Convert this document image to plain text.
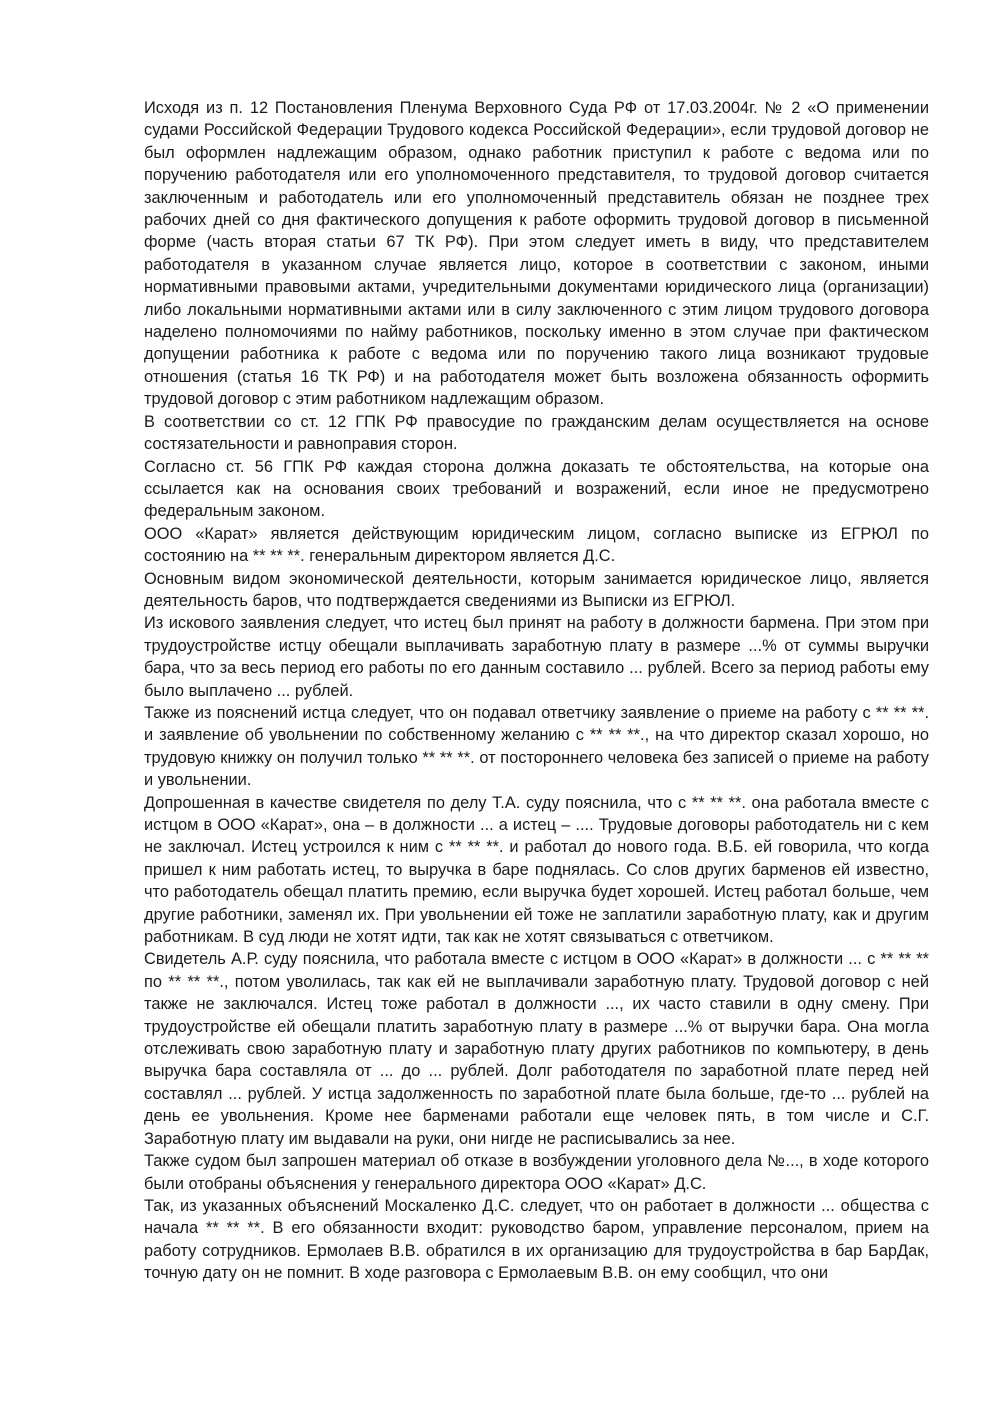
Исходя из п. 12 Постановления Пленума Верховного Суда РФ от 17.03.2004г. № 2 «О применении судами Российской Федерации Трудового кодекса Российской Федерации», если трудовой договор не был оформлен надлежащим образом, однако работник приступил к работе с ведома или по поручению работодателя или его уполномоченного представителя, то трудовой договор считается заключенным и работодатель или его уполномоченный представитель обязан не позднее трех рабочих дней со дня фактического допущения к работе оформить трудовой договор в письменной форме (часть вторая статьи 67 ТК РФ). При этом следует иметь в виду, что представителем работодателя в указанном случае является лицо, которое в соответствии с законом, иными нормативными правовыми актами, учредительными документами юридического лица (организации) либо локальными нормативными актами или в силу заключенного с этим лицом трудового договора наделено полномочиями по найму работников, поскольку именно в этом случае при фактическом допущении работника к работе с ведома или по поручению такого лица возникают трудовые отношения (статья 16 ТК РФ) и на работодателя может быть возложена обязанность оформить трудовой договор с этим работником надлежащим образом.

В соответствии со ст. 12 ГПК РФ правосудие по гражданским делам осуществляется на основе состязательности и равноправия сторон.

Согласно ст. 56 ГПК РФ каждая сторона должна доказать те обстоятельства, на которые она ссылается как на основания своих требований и возражений, если иное не предусмотрено федеральным законом.

ООО «Карат» является действующим юридическим лицом, согласно выписке из ЕГРЮЛ по состоянию на ** ** **. генеральным директором является Д.С.

Основным видом экономической деятельности, которым занимается юридическое лицо, является деятельность баров, что подтверждается сведениями из Выписки из ЕГРЮЛ.

Из искового заявления следует, что истец был принят на работу в должности бармена. При этом при трудоустройстве истцу обещали выплачивать заработную плату в размере ...% от суммы выручки бара, что за весь период его работы по его данным составило ... рублей. Всего за период работы ему было выплачено ... рублей.

Также из пояснений истца следует, что он подавал ответчику заявление о приеме на работу с ** ** **. и заявление об увольнении по собственному желанию с ** ** **., на что директор сказал хорошо, но трудовую книжку он получил только ** ** **. от постороннего человека без записей о приеме на работу и увольнении.

Допрошенная в качестве свидетеля по делу Т.А. суду пояснила, что с ** ** **. она работала вместе с истцом в ООО «Карат», она – в должности ... а истец – .... Трудовые договоры работодатель ни с кем не заключал. Истец устроился к ним с ** ** **. и работал до нового года. В.Б. ей говорила, что когда пришел к ним работать истец, то выручка в баре поднялась. Со слов других барменов ей известно, что работодатель обещал платить премию, если выручка будет хорошей. Истец работал больше, чем другие работники, заменял их. При увольнении ей тоже не заплатили заработную плату, как и другим работникам. В суд люди не хотят идти, так как не хотят связываться с ответчиком.

Свидетель А.Р. суду пояснила, что работала вместе с истцом в ООО «Карат» в должности ... с ** ** ** по ** ** **., потом уволилась, так как ей не выплачивали заработную плату. Трудовой договор с ней также не заключался. Истец тоже работал в должности ..., их часто ставили в одну смену. При трудоустройстве ей обещали платить заработную плату в размере ...% от выручки бара. Она могла отслеживать свою заработную плату и заработную плату других работников по компьютеру, в день выручка бара составляла от ... до ... рублей. Долг работодателя по заработной плате перед ней составлял ... рублей. У истца задолженность по заработной плате была больше, где-то ... рублей на день ее увольнения. Кроме нее барменами работали еще человек пять, в том числе и С.Г. Заработную плату им выдавали на руки, они нигде не расписывались за нее.

Также судом был запрошен материал об отказе в возбуждении уголовного дела №..., в ходе которого были отобраны объяснения у генерального директора ООО «Карат» Д.С.

Так, из указанных объяснений Москаленко Д.С. следует, что он работает в должности ... общества с начала ** ** **. В его обязанности входит: руководство баром, управление персоналом, прием на работу сотрудников. Ермолаев В.В. обратился в их организацию для трудоустройства в бар БарДак, точную дату он не помнит. В ходе разговора с Ермолаевым В.В. он ему сообщил, что они
